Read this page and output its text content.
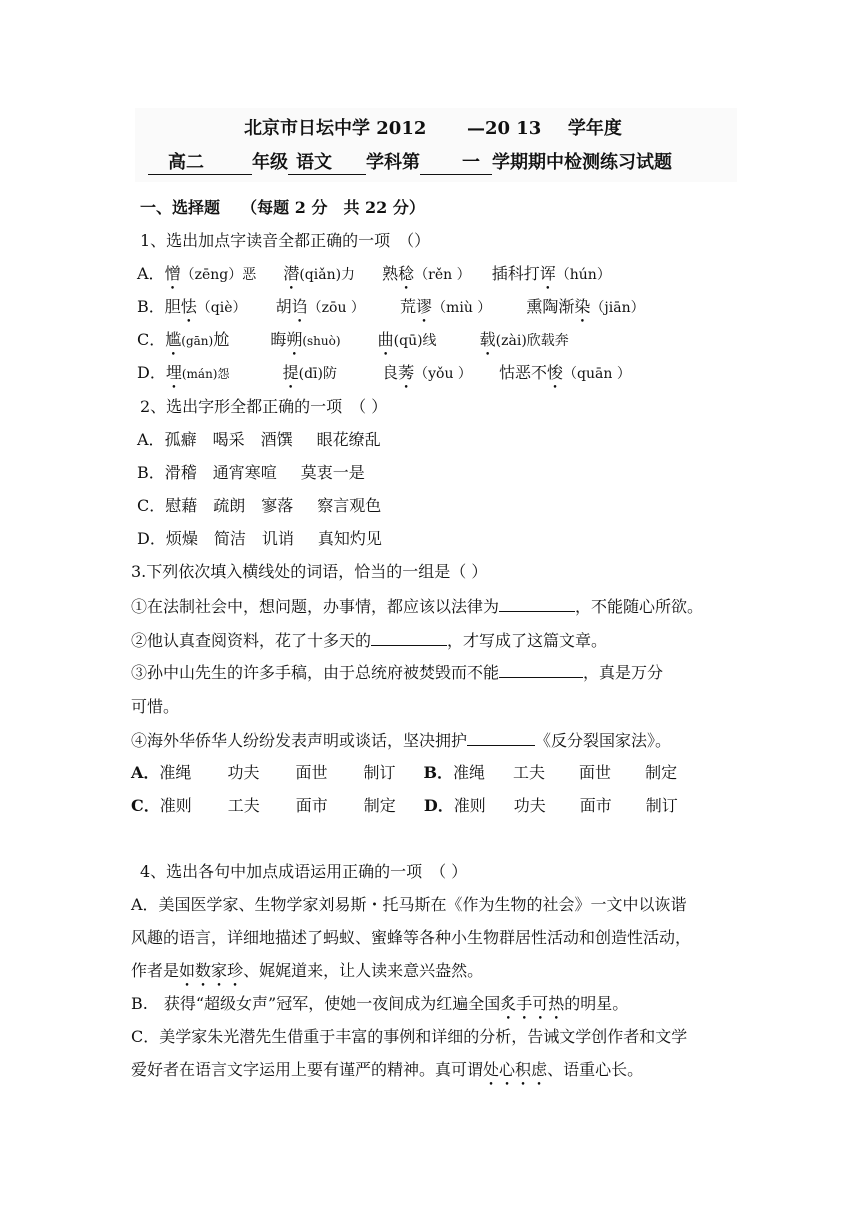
北京市日坛中学 2012 —20 13 学年度
高二	年级 语文 学科第 一 学期期中检测练习试题
一、选择题 （每题 2 分　共 22 分）
1、选出加点字读音全都正确的一项　（）
A．憎（zēng）恶 潜(qiǎn)力 熟稔（rěn ） 插科打诨（hún）
B．胆怯（qiè） 胡诌（zōu ） 荒谬（miù ） 熏陶渐染（jiān）
C．尴(gān)尬	晦朔(shuò) 曲(qū)线	载(zài)欣载奔
D．埋(mán)怨	提(dī)防	良莠（yǒu ） 怙恶不悛（quān ）
2、选出字形全都正确的一项　（ ）
A．孤癖 喝采 酒馔 眼花缭乱
B．滑稽 通宵寒喧 莫衷一是
C．慰藉 疏朗 寥落 察言观色
D．烦燥 简洁 讥诮 真知灼见
3.下列依次填入横线处的词语，恰当的一组是（ ）
①在法制社会中，想问题，办事情，都应该以法律为	，不能随心所欲。
②他认真查阅资料，花了十多天的	，才写成了这篇文章。
③孙中山先生的许多手稿，由于总统府被焚毁而不能	，真是万分
可惜。
④海外华侨华人纷纷发表声明或谈话，坚决拥护	《反分裂国家法》。
A．准绳 功夫 面世 制订 B．准绳 工夫 面世 制定
C．准则 工夫 面市 制定 D．准则 功夫 面市 制订
4、选出各句中加点成语运用正确的一项　（ ）
A．美国医学家、生物学家刘易斯・托马斯在《作为生物的社会》一文中以诙谐
风趣的语言，详细地描述了蚂蚁、蜜蜂等各种小生物群居性活动和创造性活动，
作者是如数家珍、娓娓道来，让人读来意兴盎然。
B.　获得“超级女声”冠军，使她一夜间成为红遍全国炙手可热的明星。
C．美学家朱光潜先生借重于丰富的事例和详细的分析，告诫文学创作者和文学
爱好者在语言文字运用上要有谨严的精神。真可谓处心积虑、语重心长。
